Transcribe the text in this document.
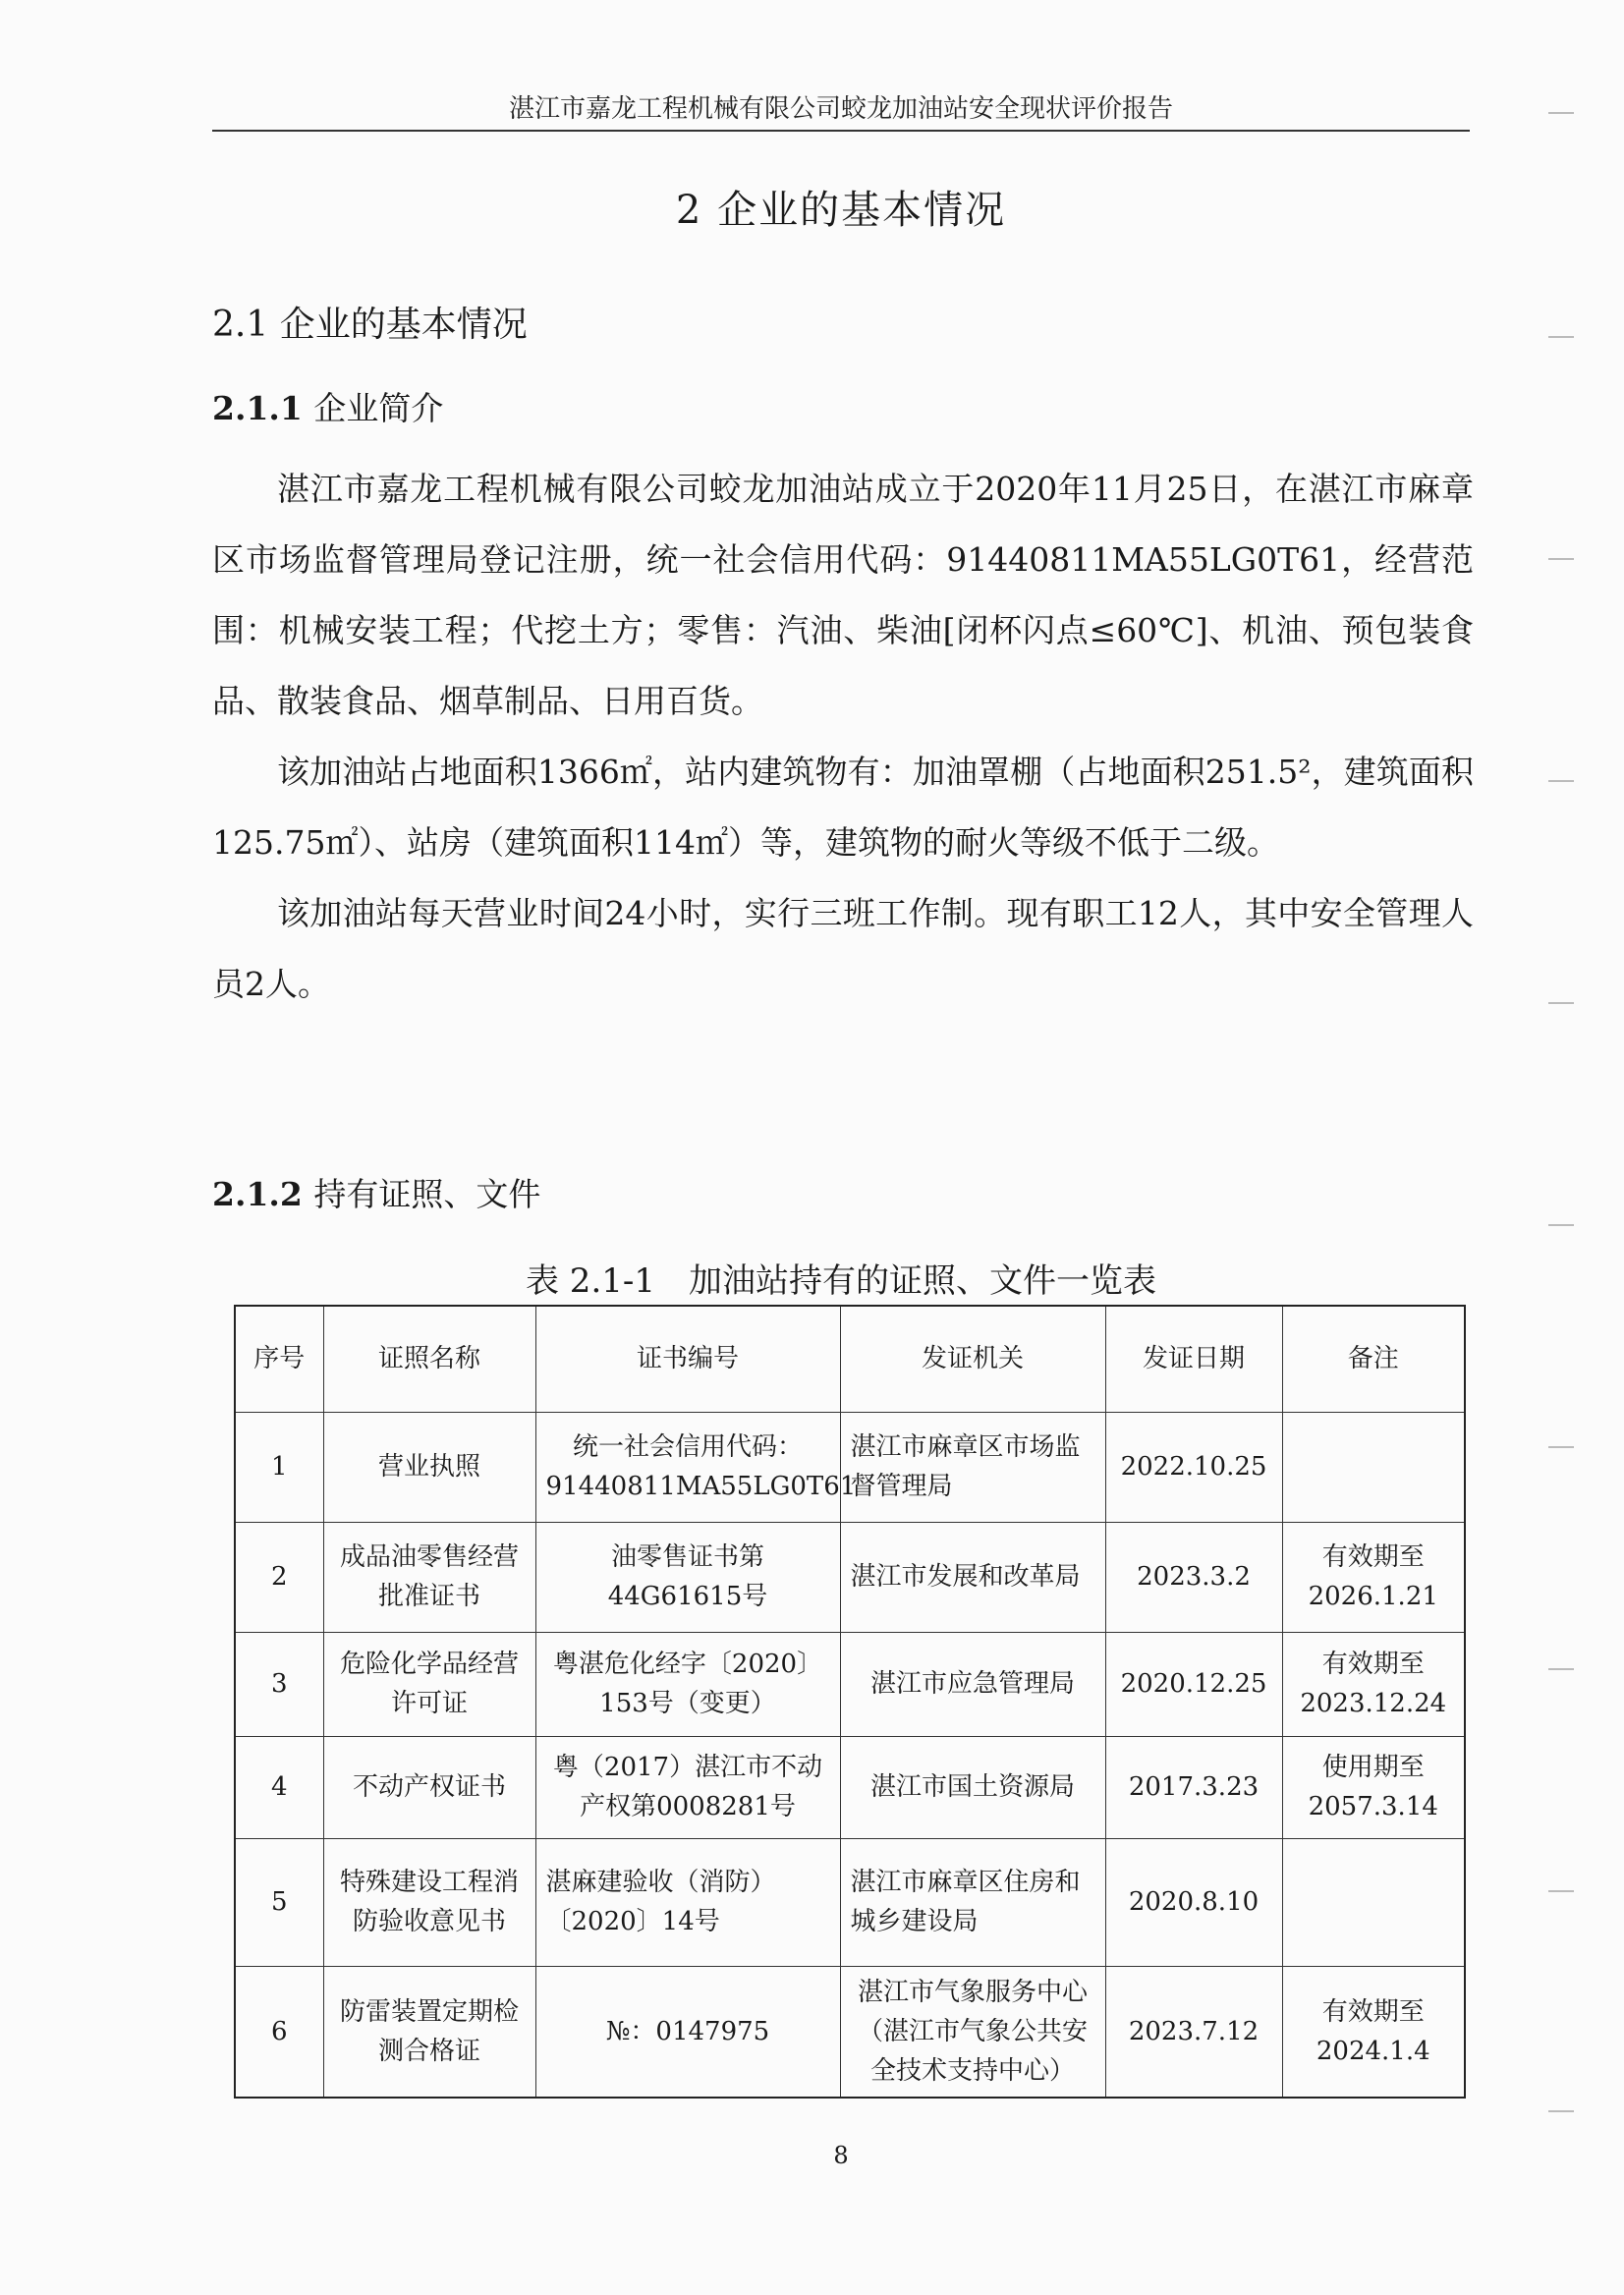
湛江市嘉龙工程机械有限公司蛟龙加油站安全现状评价报告
2 企业的基本情况
2.1 企业的基本情况
2.1.1 企业简介

湛江市嘉龙工程机械有限公司蛟龙加油站成立于2020年11月25日，在湛江市麻章区市场监督管理局登记注册，统一社会信用代码：91440811MA55LG0T61，经营范围：机械安装工程；代挖土方；零售：汽油、柴油[闭杯闪点≤60℃]、机油、预包装食品、散装食品、烟草制品、日用百货。

该加油站占地面积1366㎡，站内建筑物有：加油罩棚（占地面积251.5²，建筑面积125.75㎡）、站房（建筑面积114㎡）等，建筑物的耐火等级不低于二级。

该加油站每天营业时间24小时，实行三班工作制。现有职工12人，其中安全管理人员2人。

2.1.2 持有证照、文件
表 2.1-1　加油站持有的证照、文件一览表
序号	证照名称	证书编号	发证机关	发证日期	备注
1	营业执照	统一社会信用代码：91440811MA55LG0T61	湛江市麻章区市场监督管理局	2022.10.25	
2	成品油零售经营批准证书	油零售证书第44G61615号	湛江市发展和改革局	2023.3.2	有效期至2026.1.21
3	危险化学品经营许可证	粤湛危化经字〔2020〕153号（变更）	湛江市应急管理局	2020.12.25	有效期至2023.12.24
4	不动产权证书	粤（2017）湛江市不动产权第0008281号	湛江市国土资源局	2017.3.23	使用期至2057.3.14
5	特殊建设工程消防验收意见书	湛麻建验收（消防）〔2020〕14号	湛江市麻章区住房和城乡建设局	2020.8.10	
6	防雷装置定期检测合格证	№：0147975	湛江市气象服务中心（湛江市气象公共安全技术支持中心）	2023.7.12	有效期至2024.1.4
8
